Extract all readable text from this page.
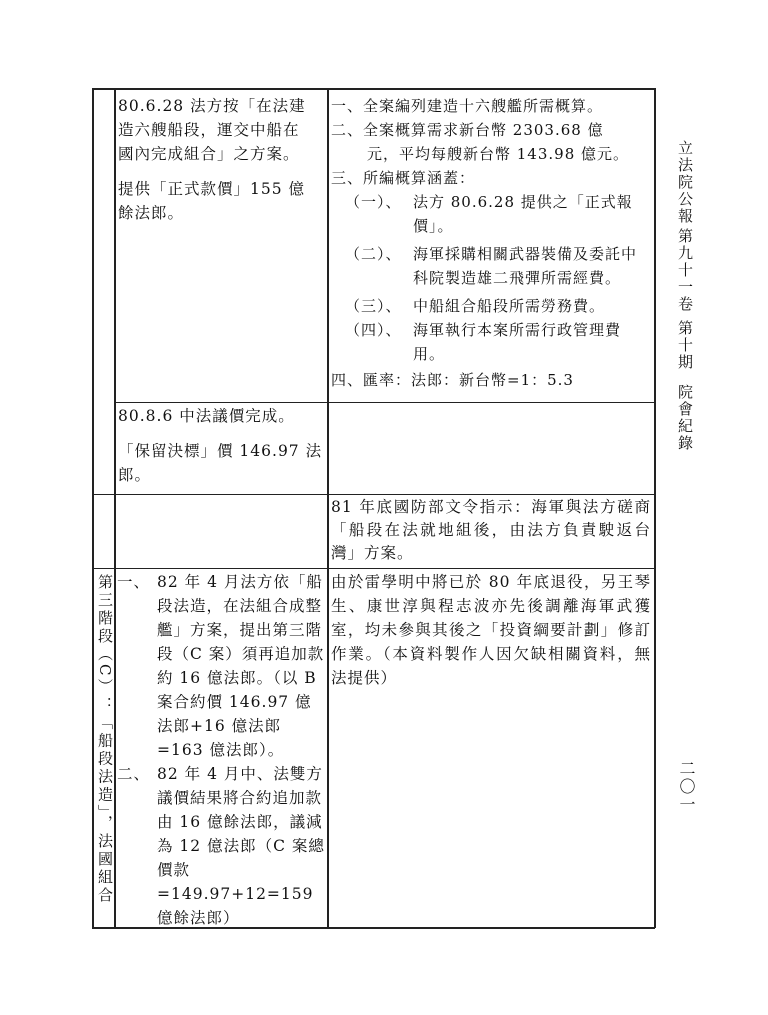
80.6.28 法方按「在法建

造六艘船段，運交中船在

國內完成組合」之方案。

提供「正式款價」155 億

餘法郎。

一、全案編列建造十六艘艦所需概算。

二、全案概算需求新台幣 2303.68 億

元，平均每艘新台幣 143.98 億元。

三、所編概算涵蓋：

（一）、 法方 80.6.28 提供之「正式報價」。
（二）、 海軍採購相關武器裝備及委託中科院製造雄二飛彈所需經費。
（三）、 中船組合船段所需勞務費。
（四）、 海軍執行本案所需行政管理費用。

四、匯率：法郎：新台幣=1：5.3

80.8.6 中法議價完成。

「保留決標」價 146.97 法

郎。

81 年底國防部文令指示：海軍與法方磋商「船段在法就地組後，由法方負責駛返台灣」方案。

第三階段（C）：「船段法造」，法國組合 一、 82 年 4 月法方依「船段法造，在法組合成整艦」方案，提出第三階段（C 案）須再追加款約 16 億法郎。（以 B 案合約價 146.97 億法郎+16 億法郎=163 億法郎）。
二、 82 年 4 月中、法雙方議價結果將合約追加款由 16 億餘法郎，議減為 12 億法郎（C 案總價款 =149.97+12=159 億餘法郎）

由於雷學明中將已於 80 年底退役，另王琴生、康世淳與程志波亦先後調離海軍武獲室，均未參與其後之「投資綱要計劃」修訂作業。（本資料製作人因欠缺相關資料，無法提供）

立法院公報
第九十一卷
第十期
院會紀錄
二〇一
